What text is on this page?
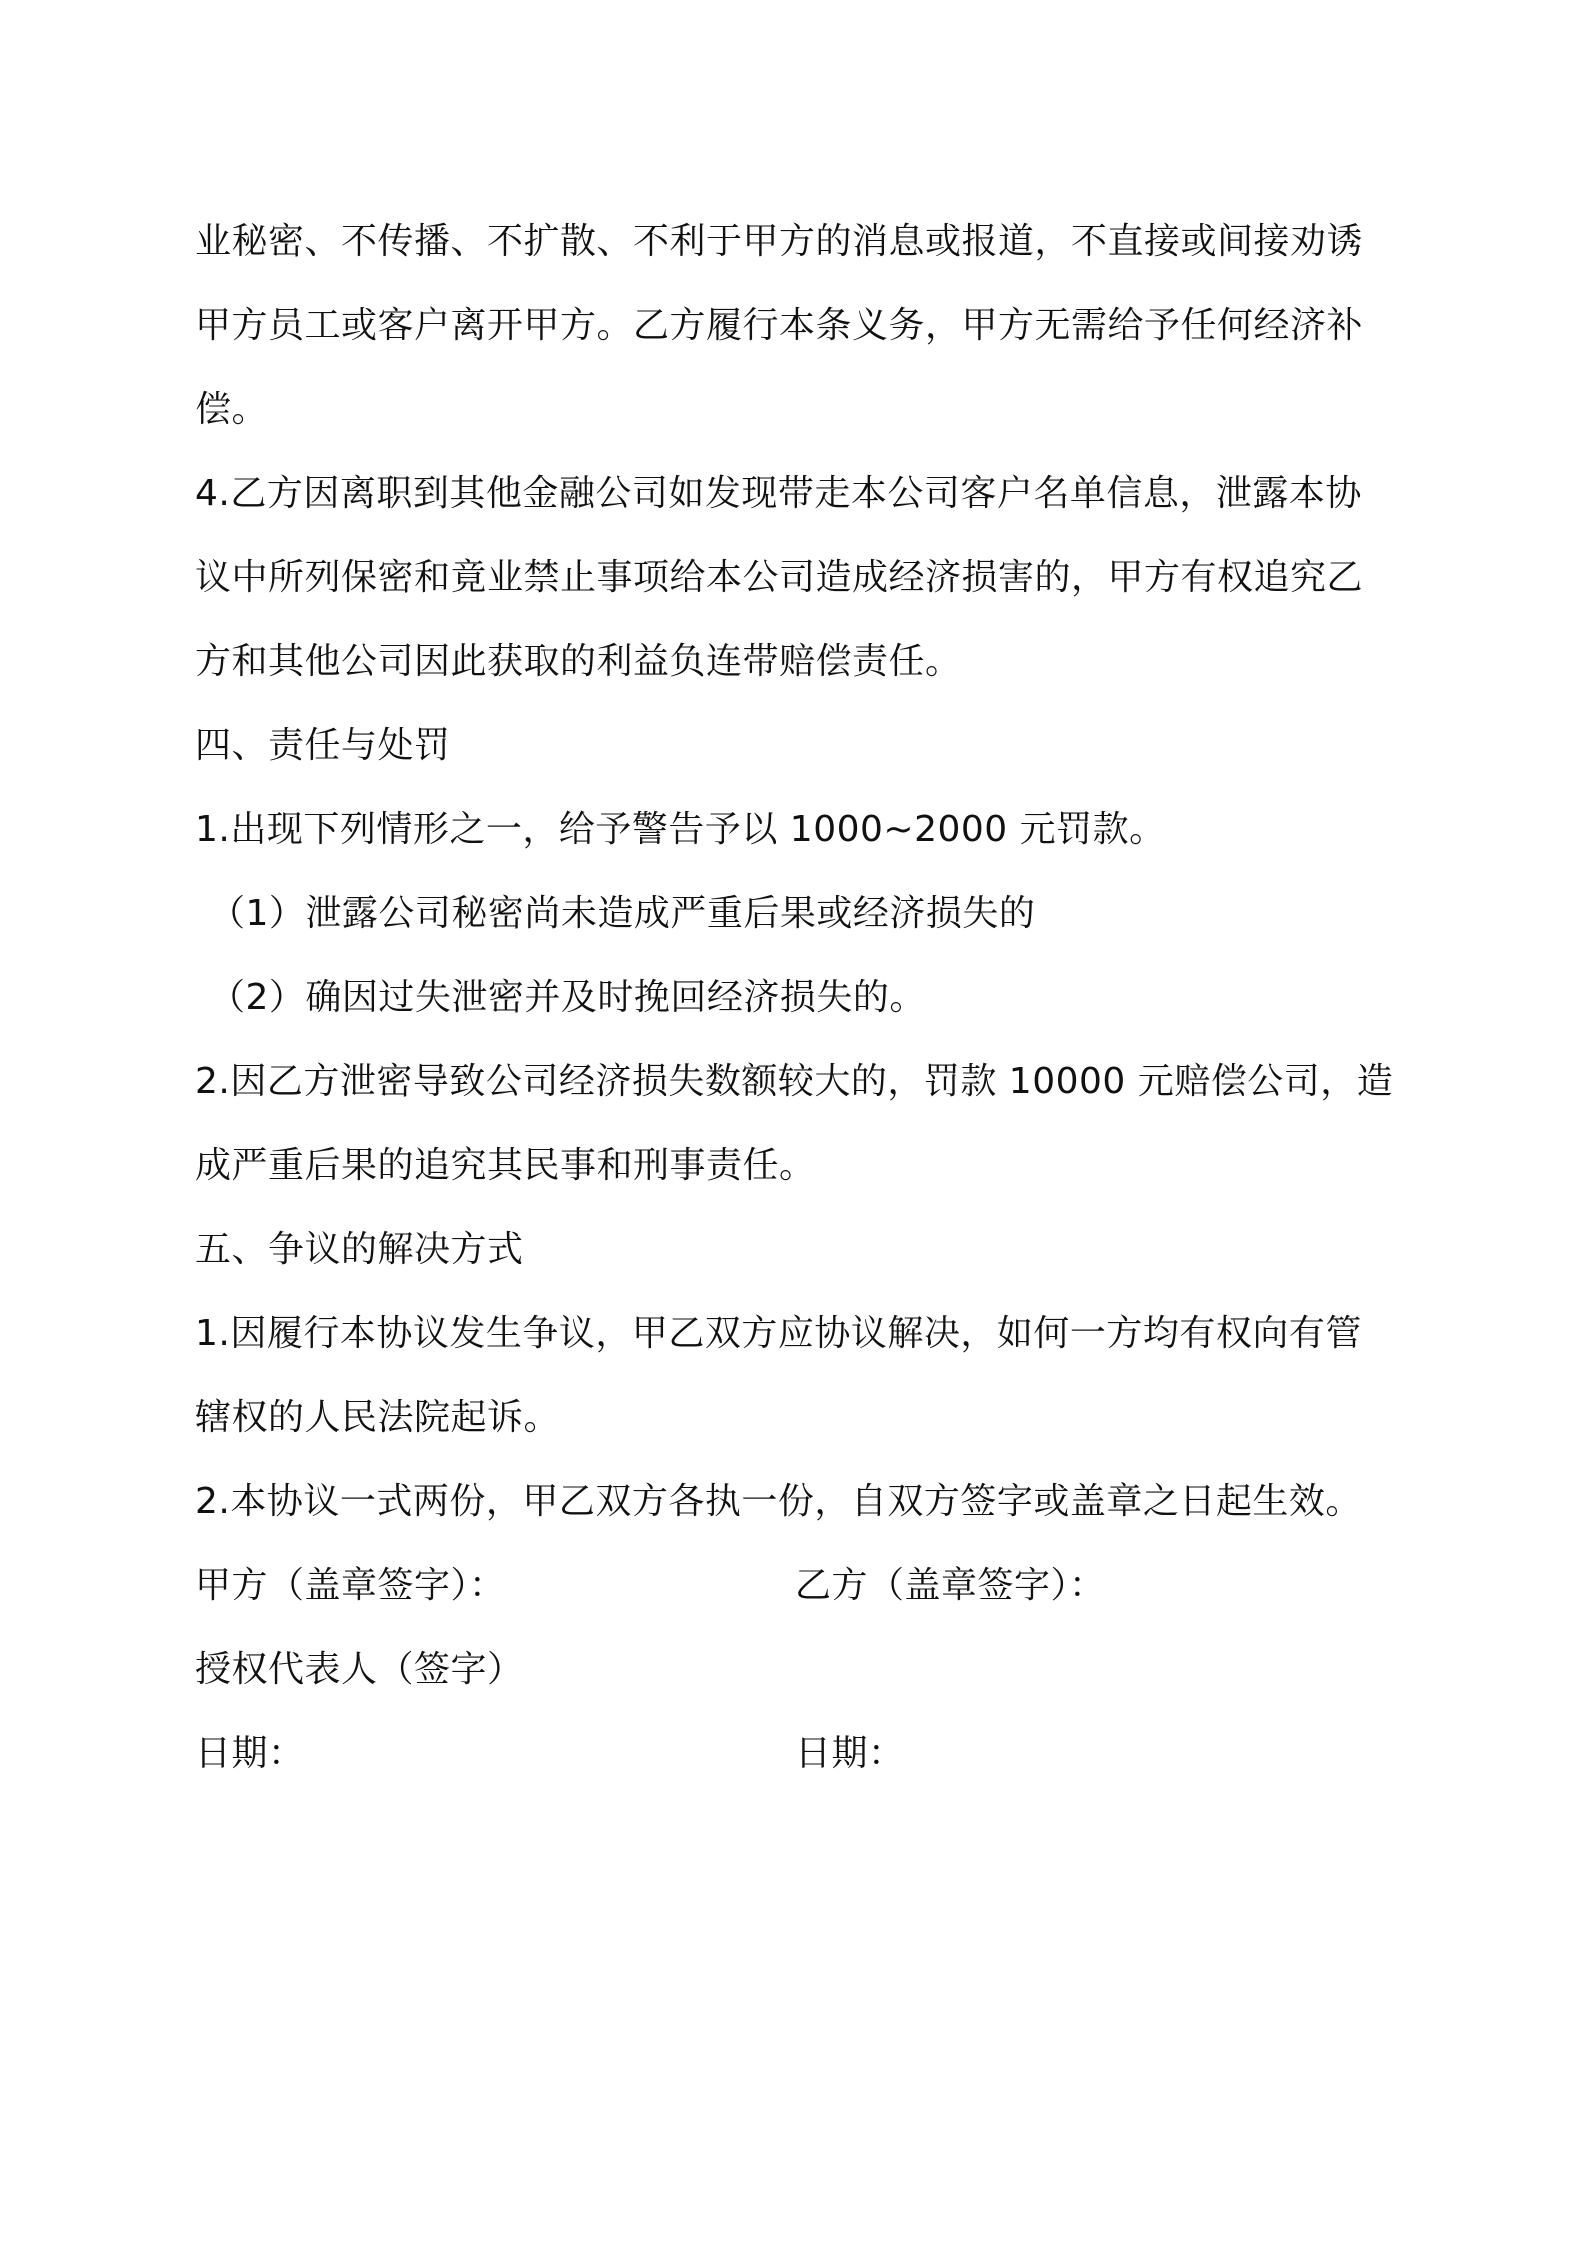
业秘密、不传播、不扩散、不利于甲方的消息或报道，不直接或间接劝诱
甲方员工或客户离开甲方。乙方履行本条义务，甲方无需给予任何经济补
偿。
4.乙方因离职到其他金融公司如发现带走本公司客户名单信息，泄露本协
议中所列保密和竟业禁止事项给本公司造成经济损害的，甲方有权追究乙
方和其他公司因此获取的利益负连带赔偿责任。
四、责任与处罚
1.出现下列情形之一，给予警告予以 1000~2000 元罚款。
（1）泄露公司秘密尚未造成严重后果或经济损失的
（2）确因过失泄密并及时挽回经济损失的。
2.因乙方泄密导致公司经济损失数额较大的，罚款 10000 元赔偿公司，造
成严重后果的追究其民事和刑事责任。
五、争议的解决方式
1.因履行本协议发生争议，甲乙双方应协议解决，如何一方均有权向有管
辖权的人民法院起诉。
2.本协议一式两份，甲乙双方各执一份，自双方签字或盖章之日起生效。
甲方（盖章签字）：	乙方（盖章签字）：
授权代表人（签字）
日期：	日期：
